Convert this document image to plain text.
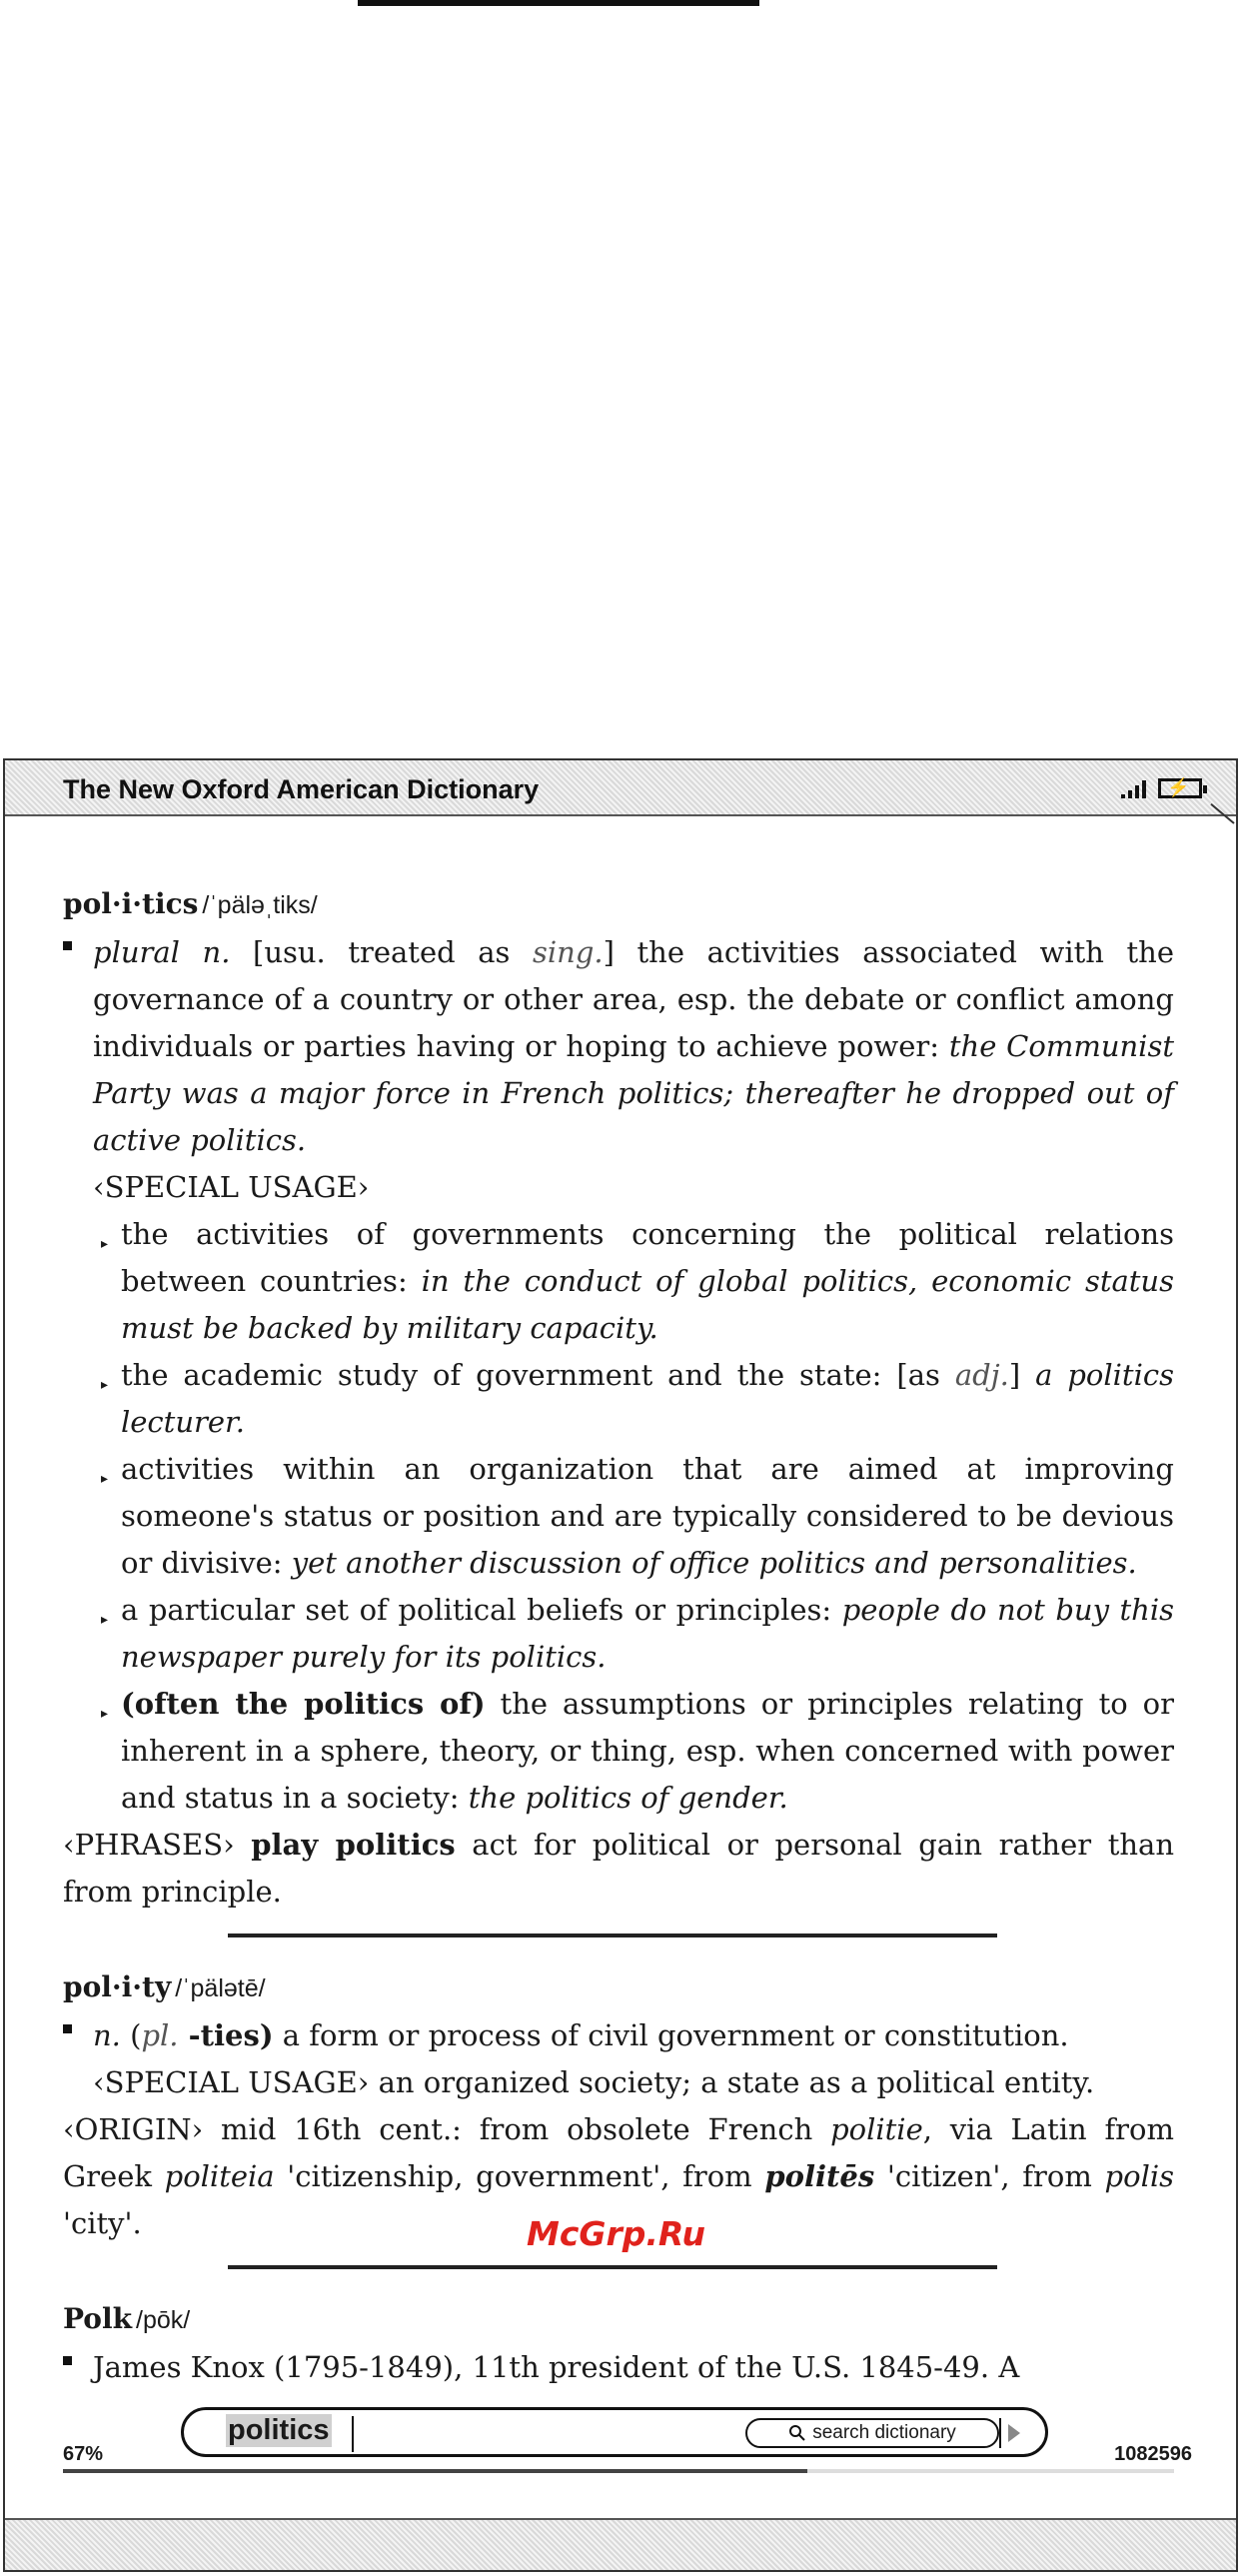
The New Oxford American Dictionary	⚡

pol·i·tics /ˈpäləˌtiks/

plural n. [usu. treated as sing.] the activities associated with the governance of a country or other area, esp. the debate or conflict among individuals or parties having or hoping to achieve power: the Communist Party was a major force in French politics; thereafter he dropped out of active politics.

‹SPECIAL USAGE›

▸ the activities of governments concerning the political relations between countries: in the conduct of global politics, economic status must be backed by military capacity.

▸ the academic study of government and the state: [as adj.] a politics lecturer.

▸ activities within an organization that are aimed at improving someone's status or position and are typically considered to be devious or divisive: yet another discussion of office politics and personalities.

▸ a particular set of political beliefs or principles: people do not buy this newspaper purely for its politics.

▸ (often the politics of) the assumptions or principles relating to or inherent in a sphere, theory, or thing, esp. when concerned with power and status in a society: the politics of gender.

‹PHRASES› play politics act for political or personal gain rather than from principle.

pol·i·ty /ˈpälətē/

n. (pl. -ties) a form or process of civil government or constitution.

‹SPECIAL USAGE› an organized society; a state as a political entity.

‹ORIGIN› mid 16th cent.: from obsolete French politie, via Latin from Greek politeia 'citizenship, government', from politēs 'citizen', from polis 'city'.

Polk /pōk/

James Knox (1795-1849), 11th president of the U.S. 1845-49. A

McGrp.Ru
67%
politics	search dictionary
1082596
